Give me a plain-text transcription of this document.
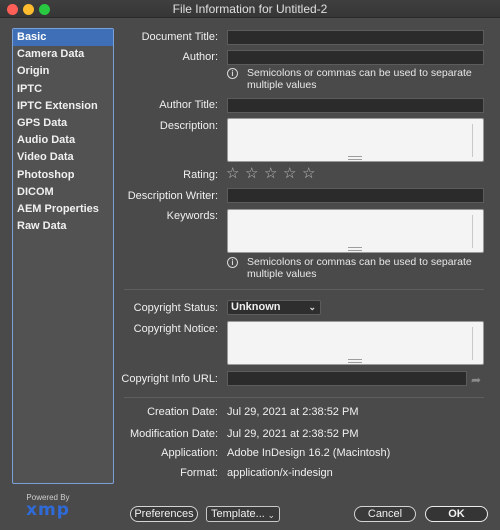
File Information for Untitled-2
Basic
Camera Data
Origin
IPTC
IPTC Extension
GPS Data
Audio Data
Video Data
Photoshop
DICOM
AEM Properties
Raw Data
Powered By
xmp
Document Title:
Author:
i	Semicolons or commas can be used to separate multiple values
Author Title:
Description:
Rating: ☆ ☆ ☆ ☆ ☆
Description Writer:
Keywords:
i	Semicolons or commas can be used to separate multiple values
Copyright Status:	Unknown	⌄
Copyright Notice:
Copyright Info URL:	➦
Creation Date: Jul 29, 2021 at 2:38:52 PM
Modification Date: Jul 29, 2021 at 2:38:52 PM
Application: Adobe InDesign 16.2 (Macintosh)
Format: application/x-indesign
Preferences	Template... ⌄	Cancel	OK
